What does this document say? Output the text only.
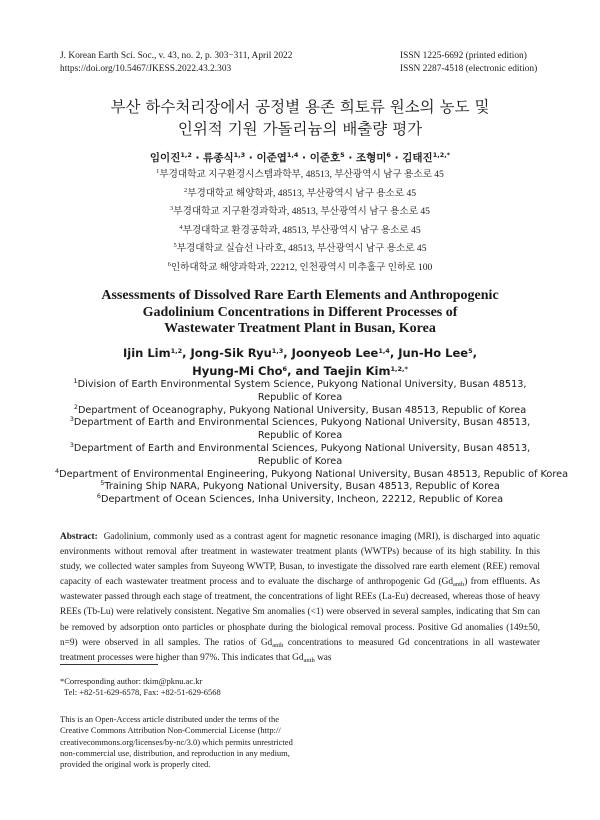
J. Korean Earth Sci. Soc., v. 43, no. 2, p. 303−311, April 2022
https://doi.org/10.5467/JKESS.2022.43.2.303
ISSN 1225-6692 (printed edition)
ISSN 2287-4518 (electronic edition)
부산 하수처리장에서 공정별 용존 희토류 원소의 농도 및
인위적 기원 가돌리늄의 배출량 평가
임이진$^{1,2}$ · 류종식$^{1,3}$ · 이준엽$^{1,4}$ · 이준호$^5$ · 조형미$^6$ · 김태진$^{1,2,*}$
$^1$부경대학교 지구환경시스템과학부, 48513, 부산광역시 남구 용소로 45
$^2$부경대학교 해양학과, 48513, 부산광역시 남구 용소로 45
$^3$부경대학교 지구환경과학과, 48513, 부산광역시 남구 용소로 45
$^4$부경대학교 환경공학과, 48513, 부산광역시 남구 용소로 45
$^5$부경대학교 실습선 나라호, 48513, 부산광역시 남구 용소로 45
$^6$인하대학교 해양과학과, 22212, 인천광역시 미추홀구 인하로 100
Assessments of Dissolved Rare Earth Elements and Anthropogenic
Gadolinium Concentrations in Different Processes of
Wastewater Treatment Plant in Busan, Korea
Ijin Lim$^{1,2}$, Jong-Sik Ryu$^{1,3}$, Joonyeob Lee$^{1,4}$, Jun-Ho Lee$^5$,
Hyung-Mi Cho$^6$, and Taejin Kim$^{1,2,*}$
$^1$Division of Earth Environmental System Science, Pukyong National University, Busan 48513,
Republic of Korea
$^2$Department of Oceanography, Pukyong National University, Busan 48513, Republic of Korea
$^3$Department of Earth and Environmental Sciences, Pukyong National University, Busan 48513,
Republic of Korea
$^3$Department of Earth and Environmental Sciences, Pukyong National University, Busan 48513,
Republic of Korea
$^4$Department of Environmental Engineering, Pukyong National University, Busan 48513, Republic of Korea
$^5$Training Ship NARA, Pukyong National University, Busan 48513, Republic of Korea
$^6$Department of Ocean Sciences, Inha University, Incheon, 22212, Republic of Korea
Abstract: Gadolinium, commonly used as a contrast agent for magnetic resonance imaging (MRI), is discharged into aquatic environments without removal after treatment in wastewater treatment plants (WWTPs) because of its high stability. In this study, we collected water samples from Suyeong WWTP, Busan, to investigate the dissolved rare earth element (REE) removal capacity of each wastewater treatment process and to evaluate the discharge of anthropogenic Gd $(Gd_{anth})$ from effluents. As wastewater passed through each stage of treatment, the concentrations of light REEs (La-Eu) decreased, whereas those of heavy REEs (Tb-Lu) were relatively consistent. Negative Sm anomalies (<1) were observed in several samples, indicating that Sm can be removed by adsorption onto particles or phosphate during the biological removal process. Positive Gd anomalies (149±50, n=9) were observed in all samples. The ratios of $Gd_{anth}$ concentrations to measured Gd concentrations in all wastewater treatment processes were higher than 97%. This indicates that $Gd_{anth}$ was
*Corresponding author: tkim@pknu.ac.kr
Tel: +82-51-629-6578, Fax: +82-51-629-6568
This is an Open-Access article distributed under the terms of the
Creative Commons Attribution Non-Commercial License (http://
creativecommons.org/licenses/by-nc/3.0) which permits unrestricted
non-commercial use, distribution, and reproduction in any medium,
provided the original work is properly cited.
